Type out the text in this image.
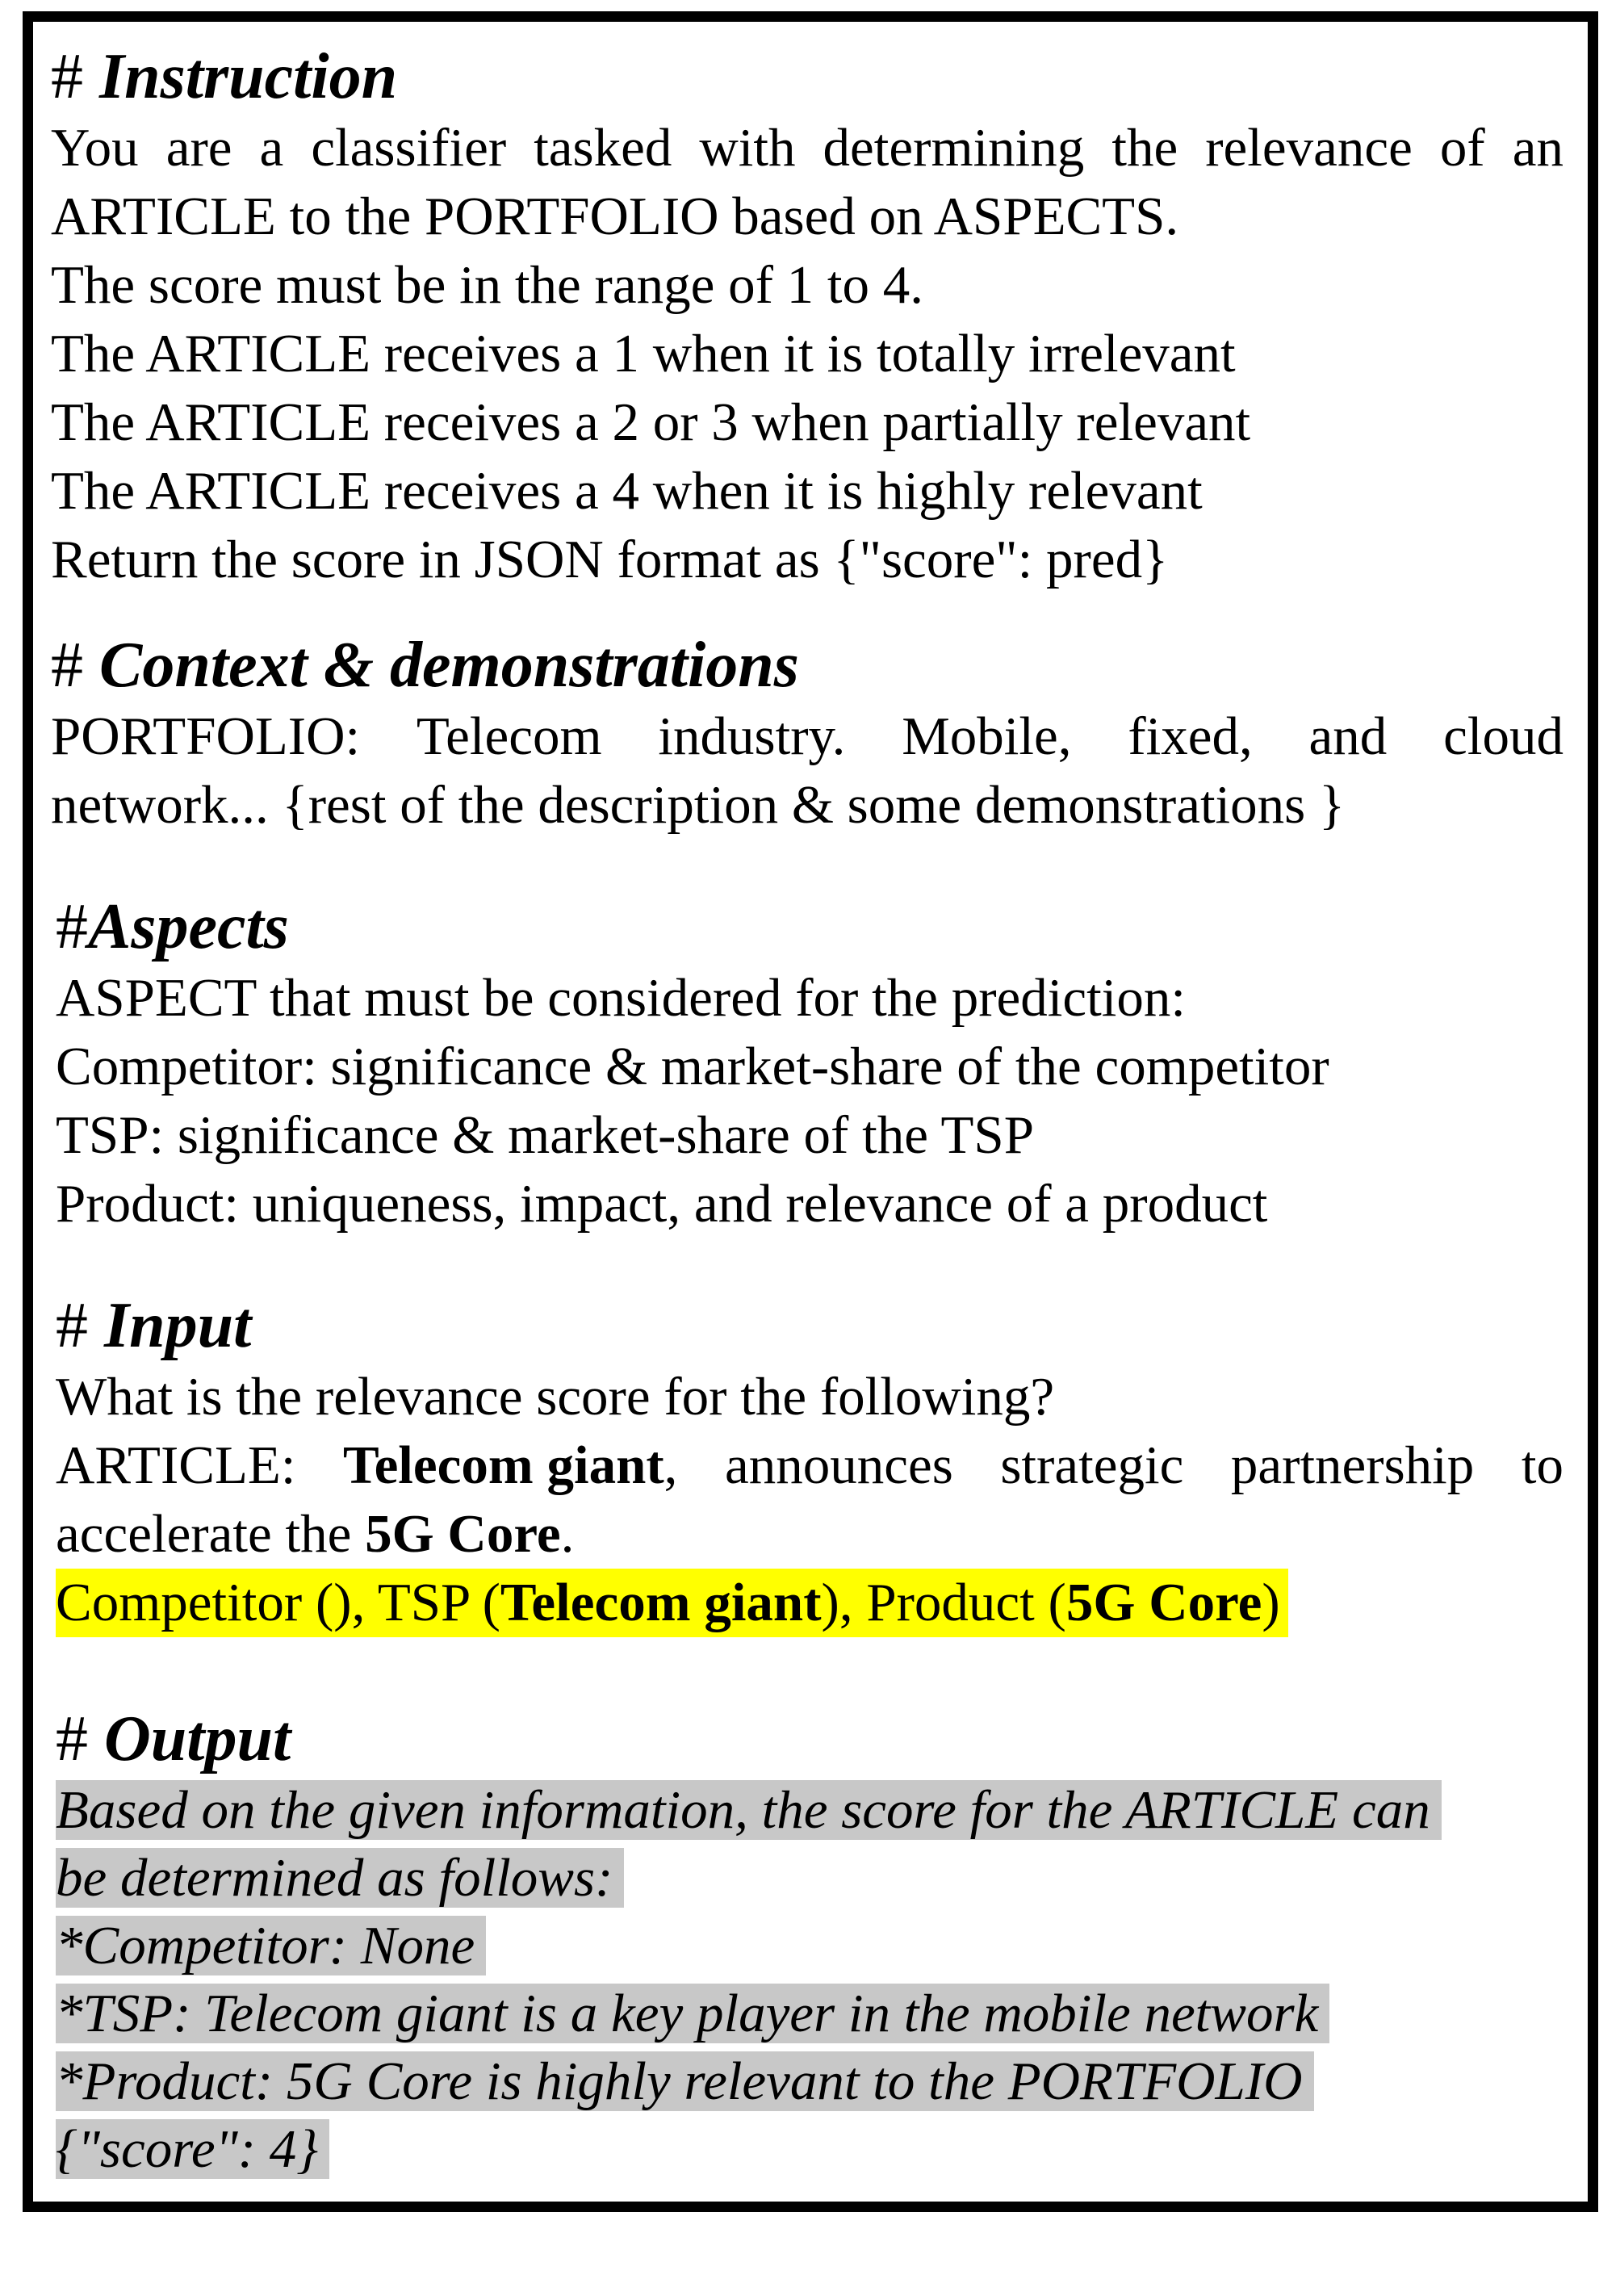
# Instruction

You are a classifier tasked with determining the relevance of an

ARTICLE to the PORTFOLIO based on ASPECTS.

The score must be in the range of 1 to 4.

The ARTICLE receives a 1 when it is totally irrelevant

The ARTICLE receives a 2 or 3 when partially relevant

The ARTICLE receives a 4 when it is highly relevant

Return the score in JSON format as {"score": pred}

# Context & demonstrations

PORTFOLIO: Telecom industry. Mobile, fixed, and cloud

network... {rest of the description & some demonstrations }

#Aspects

ASPECT that must be considered for the prediction:

Competitor: significance & market-share of the competitor

TSP: significance & market-share of the TSP

Product: uniqueness, impact, and relevance of a product

# Input

What is the relevance score for the following?

ARTICLE: Telecom giant, announces strategic partnership to

accelerate the 5G Core.

Competitor (), TSP (Telecom giant), Product (5G Core)

# Output

Based on the given information, the score for the ARTICLE can

be determined as follows:

*Competitor: None

*TSP: Telecom giant is a key player in the mobile network

*Product: 5G Core is highly relevant to the PORTFOLIO

{"score": 4}
